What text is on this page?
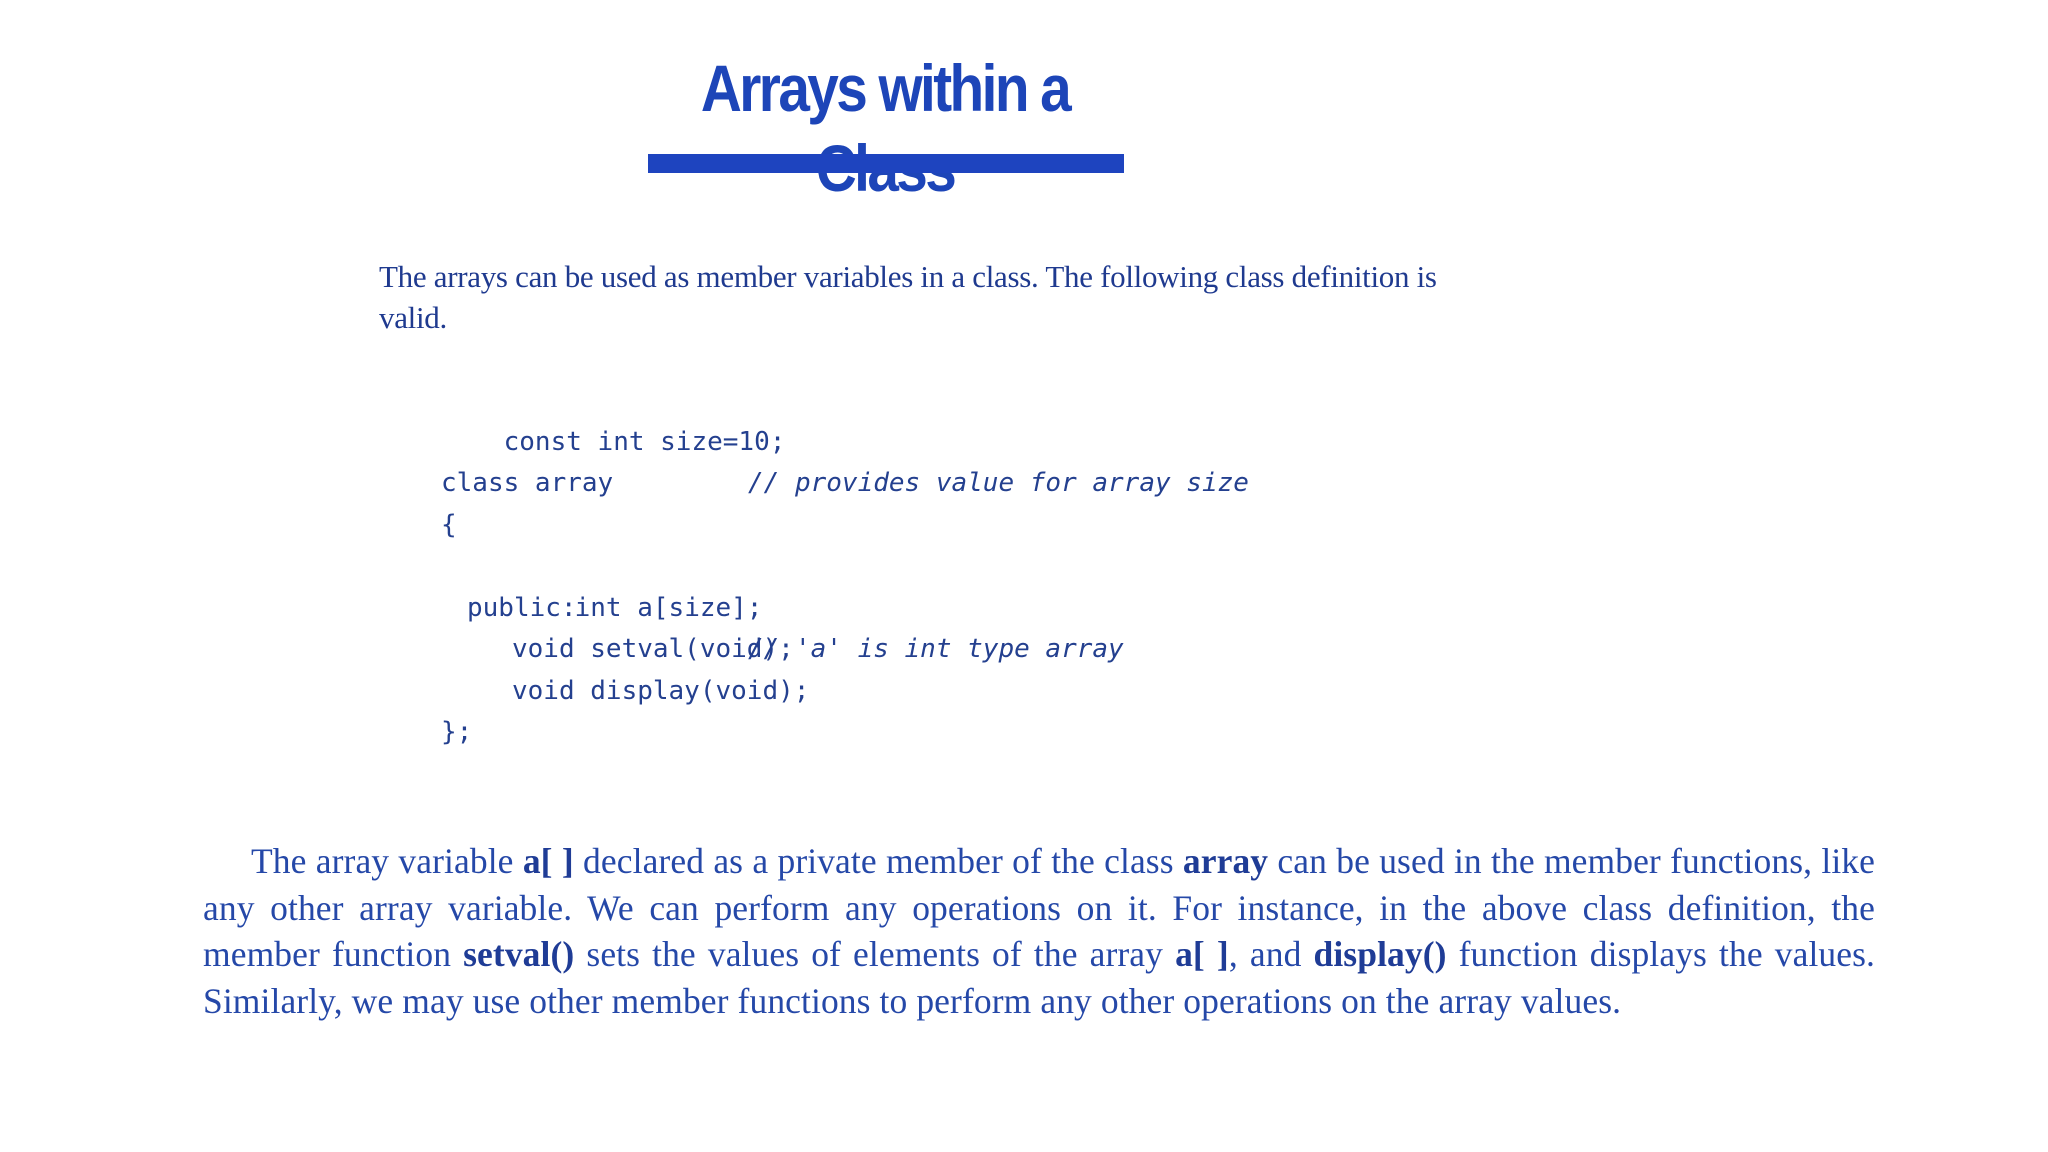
Arrays within a
The arrays can be used as member variables in a class. The following class definition is valid.

const int size=10;

// provides value for array size

class array
{

int a[size];

// 'a' is int type array

public:
void setval(void);
void display(void);
};
The array variable a[ ] declared as a private member of the class array can be used in the member functions, like any other array variable. We can perform any operations on it. For instance, in the above class definition, the member function setval() sets the values of elements of the array a[ ], and display() function displays the values. Similarly, we may use other member functions to perform any other operations on the array values.
